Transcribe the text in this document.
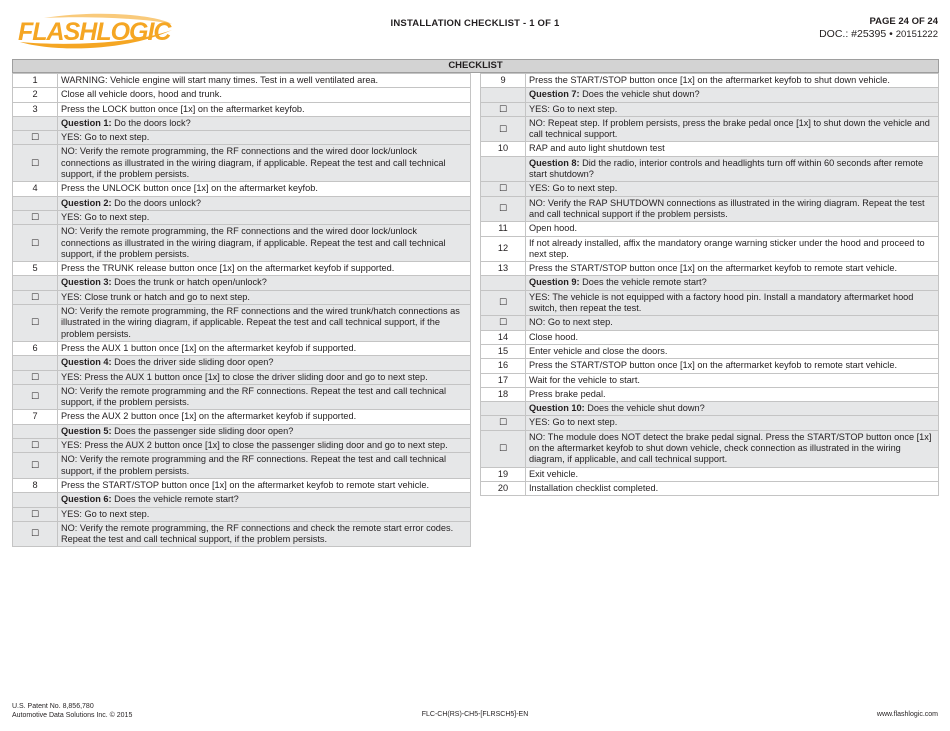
FLASHLOGIC	INSTALLATION CHECKLIST - 1 OF 1	PAGE 24 OF 24
DOC.: #25395 • 20151222
CHECKLIST
1	WARNING: Vehicle engine will start many times. Test in a well ventilated area.
2	Close all vehicle doors, hood and trunk.
3	Press the LOCK button once [1x] on the aftermarket keyfob.
	Question 1: Do the doors lock?
☐	YES: Go to next step.
☐	NO: Verify the remote programming, the RF connections and the wired door lock/unlock connections as illustrated in the wiring diagram, if applicable. Repeat the test and call technical support, if the problem persists.
4	Press the UNLOCK button once [1x] on the aftermarket keyfob.
	Question 2: Do the doors unlock?
☐	YES: Go to next step.
☐	NO: Verify the remote programming, the RF connections and the wired door lock/unlock connections as illustrated in the wiring diagram, if applicable. Repeat the test and call technical support, if the problem persists.
5	Press the TRUNK release button once [1x] on the aftermarket keyfob if supported.
	Question 3: Does the trunk or hatch open/unlock?
☐	YES: Close trunk or hatch and go to next step.
☐	NO: Verify the remote programming, the RF connections and the wired trunk/hatch connections as illustrated in the wiring diagram, if applicable. Repeat the test and call technical support, if the problem persists.
6	Press the AUX 1 button once [1x] on the aftermarket keyfob if supported.
	Question 4: Does the driver side sliding door open?
☐	YES: Press the AUX 1 button once [1x] to close the driver sliding door and go to next step.
☐	NO: Verify the remote programming and the RF connections. Repeat the test and call technical support, if the problem persists.
7	Press the AUX 2 button once [1x] on the aftermarket keyfob if supported.
	Question 5: Does the passenger side sliding door open?
☐	YES: Press the AUX 2 button once [1x] to close the passenger sliding door and go to next step.
☐	NO: Verify the remote programming and the RF connections. Repeat the test and call technical support, if the problem persists.
8	Press the START/STOP button once [1x] on the aftermarket keyfob to remote start vehicle.
	Question 6: Does the vehicle remote start?
☐	YES: Go to next step.
☐	NO: Verify the remote programming, the RF connections and check the remote start error codes. Repeat the test and call technical support, if the problem persists.
9	Press the START/STOP button once [1x] on the aftermarket keyfob to shut down vehicle.
	Question 7: Does the vehicle shut down?
☐	YES: Go to next step.
☐	NO: Repeat step. If problem persists, press the brake pedal once [1x] to shut down the vehicle and call technical support.
10	RAP and auto light shutdown test
	Question 8: Did the radio, interior controls and headlights turn off within 60 seconds after remote start shutdown?
☐	YES: Go to next step.
☐	NO: Verify the RAP SHUTDOWN connections as illustrated in the wiring diagram. Repeat the test and call technical support if the problem persists.
11	Open hood.
12	If not already installed, affix the mandatory orange warning sticker under the hood and proceed to next step.
13	Press the START/STOP button once [1x] on the aftermarket keyfob to remote start vehicle.
	Question 9: Does the vehicle remote start?
☐	YES: The vehicle is not equipped with a factory hood pin. Install a mandatory aftermarket hood switch, then repeat the test.
☐	NO: Go to next step.
14	Close hood.
15	Enter vehicle and close the doors.
16	Press the START/STOP button once [1x] on the aftermarket keyfob to remote start vehicle.
17	Wait for the vehicle to start.
18	Press brake pedal.
	Question 10: Does the vehicle shut down?
☐	YES: Go to next step.
☐	NO: The module does NOT detect the brake pedal signal. Press the START/STOP button once [1x] on the aftermarket keyfob to shut down vehicle, check connection as illustrated in the wiring diagram, if applicable, and call technical support.
19	Exit vehicle.
20	Installation checklist completed.
U.S. Patent No. 8,856,780
Automotive Data Solutions Inc. © 2015	FLC-CH(RS)-CH5-[FLRSCH5]-EN	www.flashlogic.com
